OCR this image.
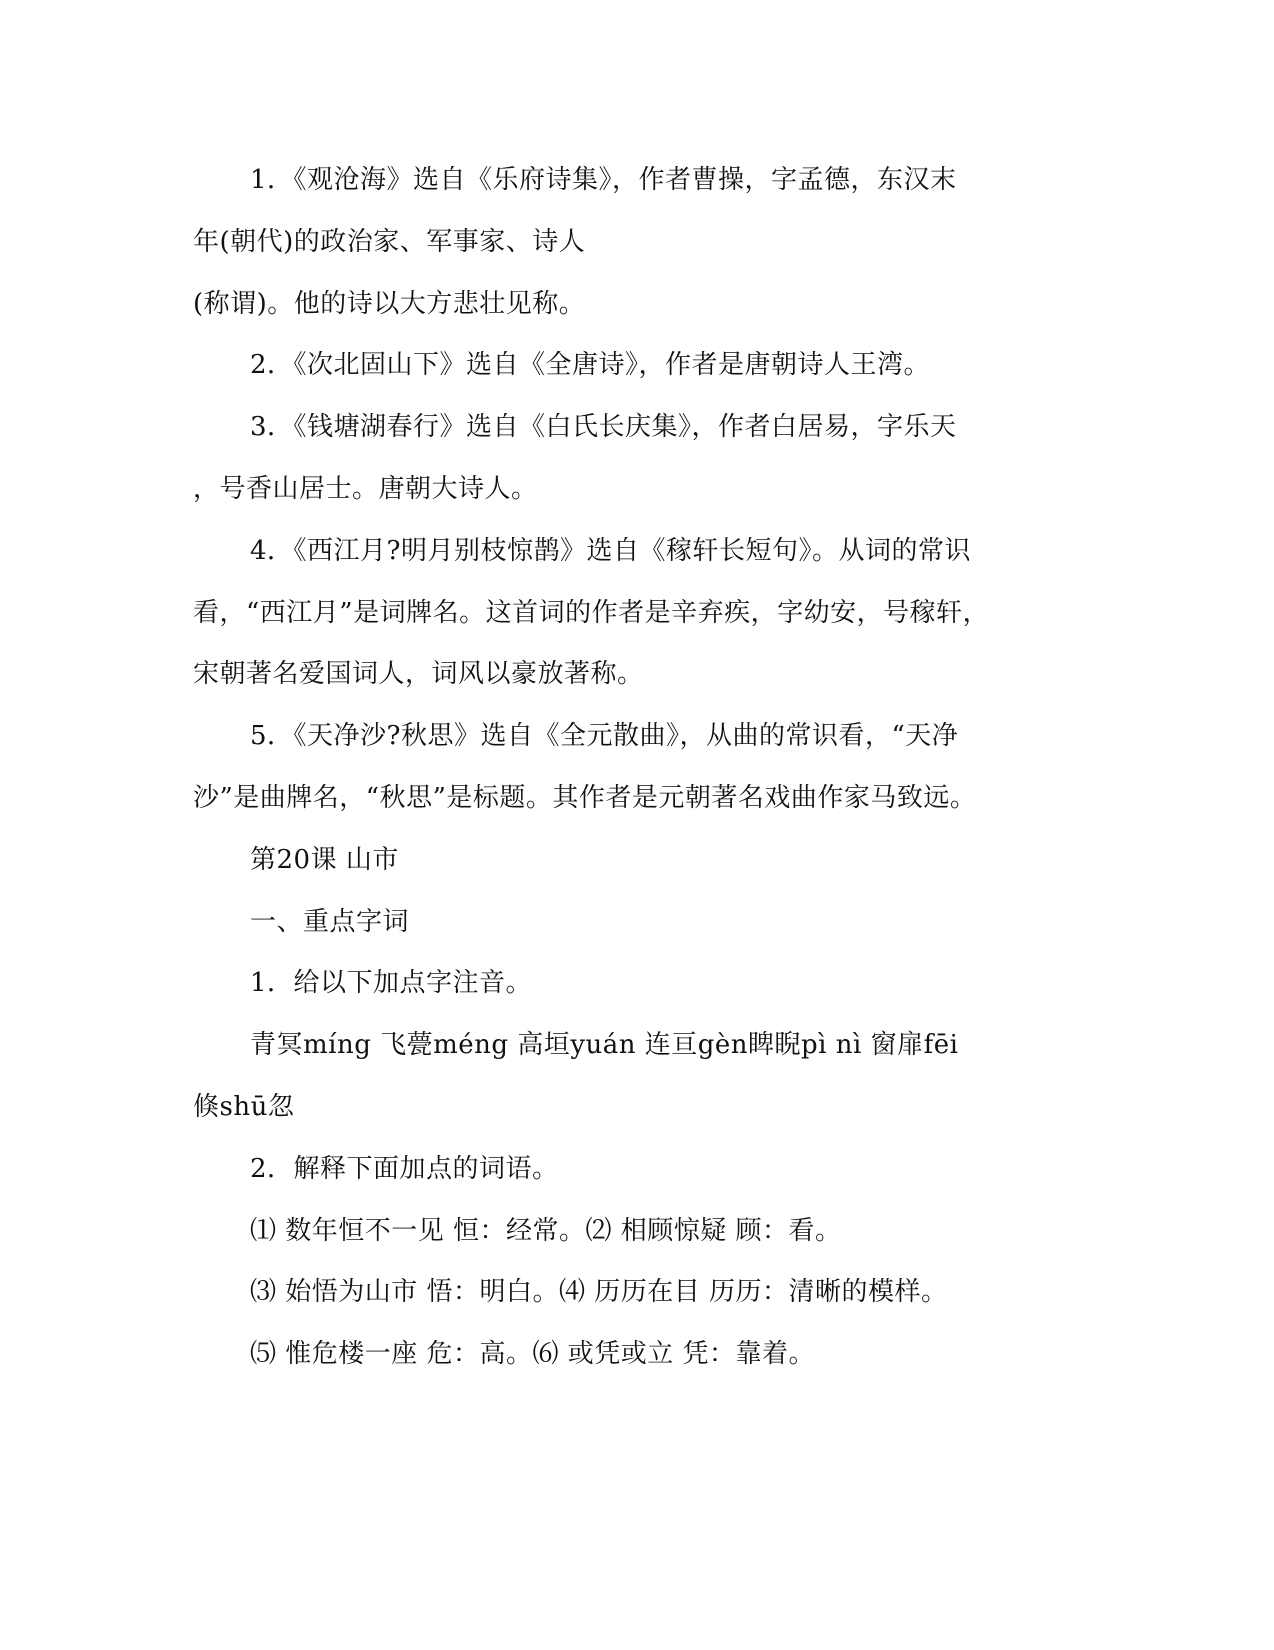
1．《观沧海》选自《乐府诗集》，作者曹操，字孟德，东汉末
年(朝代)的政治家、军事家、诗人
(称谓)。他的诗以大方悲壮见称。
2．《次北固山下》选自《全唐诗》，作者是唐朝诗人王湾。
3．《钱塘湖春行》选自《白氏长庆集》，作者白居易，字乐天
，号香山居士。唐朝大诗人。
4．《西江月?明月别枝惊鹊》选自《稼轩长短句》。从词的常识
看，“西江月”是词牌名。这首词的作者是辛弃疾，字幼安，号稼轩，
宋朝著名爱国词人，词风以豪放著称。
5．《天净沙?秋思》选自《全元散曲》，从曲的常识看，“天净
沙”是曲牌名，“秋思”是标题。其作者是元朝著名戏曲作家马致远。
第20课 山市
一、重点字词
1．给以下加点字注音。
青冥míng 飞甍méng 高垣yuán 连亘gèn睥睨pì nì 窗扉fēi
倏shū忽
2．解释下面加点的词语。
⑴ 数年恒不一见 恒：经常。⑵ 相顾惊疑 顾：看。
⑶ 始悟为山市 悟：明白。⑷ 历历在目 历历：清晰的模样。
⑸ 惟危楼一座 危：高。⑹ 或凭或立 凭：靠着。
